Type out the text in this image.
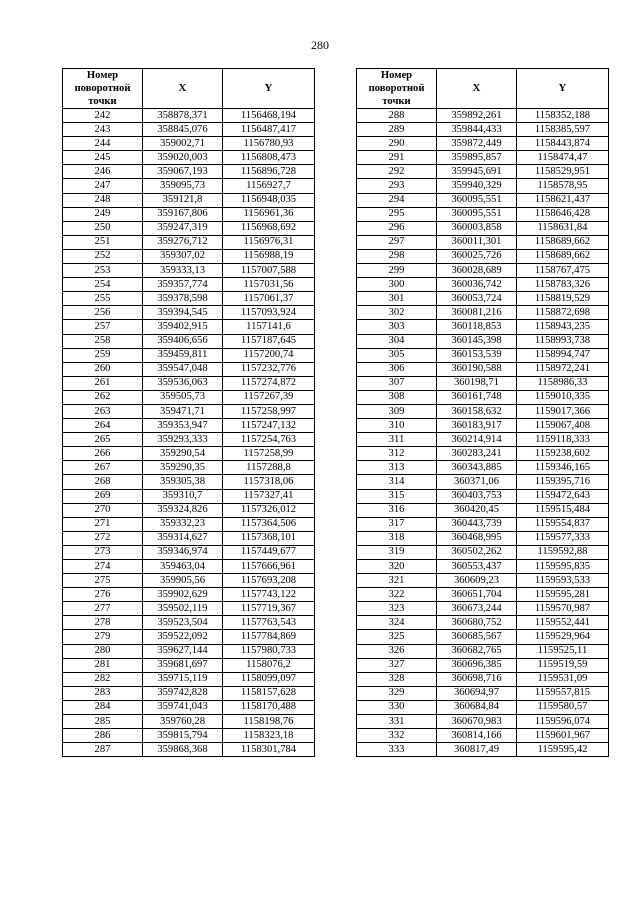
280
Номер поворотной точки	X	Y
242	358878,371	1156468,194
243	358845,076	1156487,417
244	359002,71	1156780,93
245	359020,003	1156808,473
246	359067,193	1156896,728
247	359095,73	1156927,7
248	359121,8	1156948,035
249	359167,806	1156961,36
250	359247,319	1156968,692
251	359276,712	1156976,31
252	359307,02	1156988,19
253	359333,13	1157007,588
254	359357,774	1157031,56
255	359378,598	1157061,37
256	359394,545	1157093,924
257	359402,915	1157141,6
258	359406,656	1157187,645
259	359459,811	1157200,74
260	359547,048	1157232,776
261	359536,063	1157274,872
262	359505,73	1157267,39
263	359471,71	1157258,997
264	359353,947	1157247,132
265	359293,333	1157254,763
266	359290,54	1157258,99
267	359290,35	1157288,8
268	359305,38	1157318,06
269	359310,7	1157327,41
270	359324,826	1157326,012
271	359332,23	1157364,506
272	359314,627	1157368,101
273	359346,974	1157449,677
274	359463,04	1157666,961
275	359905,56	1157693,208
276	359902,629	1157743,122
277	359502,119	1157719,367
278	359523,504	1157763,543
279	359522,092	1157784,869
280	359627,144	1157980,733
281	359681,697	1158076,2
282	359715,119	1158099,097
283	359742,828	1158157,628
284	359741,043	1158170,488
285	359760,28	1158198,76
286	359815,794	1158323,18
287	359868,368	1158301,784
Номер поворотной точки	X	Y
288	359892,261	1158352,188
289	359844,433	1158385,597
290	359872,449	1158443,874
291	359895,857	1158474,47
292	359945,691	1158529,951
293	359940,329	1158578,95
294	360095,551	1158621,437
295	360095,551	1158646,428
296	360003,858	1158631,84
297	360011,301	1158689,662
298	360025,726	1158689,662
299	360028,689	1158767,475
300	360036,742	1158783,326
301	360053,724	1158819,529
302	360081,216	1158872,698
303	360118,853	1158943,235
304	360145,398	1158993,738
305	360153,539	1158994,747
306	360190,588	1158972,241
307	360198,71	1158986,33
308	360161,748	1159010,335
309	360158,632	1159017,366
310	360183,917	1159067,408
311	360214,914	1159118,333
312	360283,241	1159238,602
313	360343,885	1159346,165
314	360371,06	1159395,716
315	360403,753	1159472,643
316	360420,45	1159515,484
317	360443,739	1159554,837
318	360468,995	1159577,333
319	360502,262	1159592,88
320	360553,437	1159595,835
321	360609,23	1159593,533
322	360651,704	1159595,281
323	360673,244	1159570,987
324	360680,752	1159552,441
325	360685,567	1159529,964
326	360682,765	1159525,11
327	360696,385	1159519,59
328	360698,716	1159531,09
329	360694,97	1159557,815
330	360684,84	1159580,57
331	360670,983	1159596,074
332	360814,166	1159601,967
333	360817,49	1159595,42
